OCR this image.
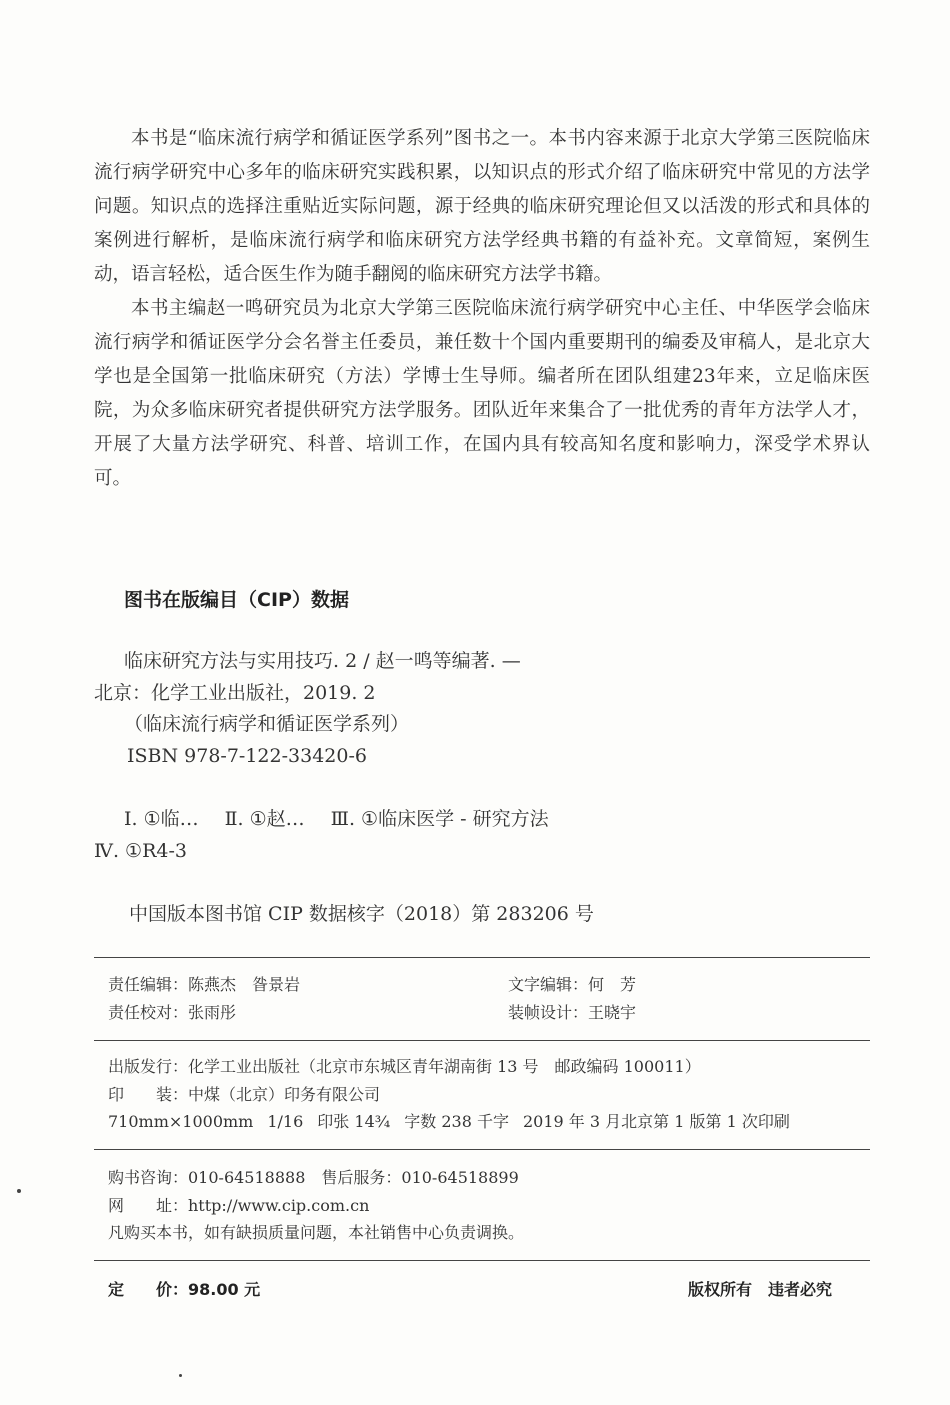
本书是“临床流行病学和循证医学系列”图书之一。本书内容来源于北京大学第三医院临床流行病学研究中心多年的临床研究实践积累，以知识点的形式介绍了临床研究中常见的方法学问题。知识点的选择注重贴近实际问题，源于经典的临床研究理论但又以活泼的形式和具体的案例进行解析，是临床流行病学和临床研究方法学经典书籍的有益补充。文章简短，案例生动，语言轻松，适合医生作为随手翻阅的临床研究方法学书籍。

本书主编赵一鸣研究员为北京大学第三医院临床流行病学研究中心主任、中华医学会临床流行病学和循证医学分会名誉主任委员，兼任数十个国内重要期刊的编委及审稿人，是北京大学也是全国第一批临床研究（方法）学博士生导师。编者所在团队组建23年来，立足临床医院，为众多临床研究者提供研究方法学服务。团队近年来集合了一批优秀的青年方法学人才，开展了大量方法学研究、科普、培训工作，在国内具有较高知名度和影响力，深受学术界认可。

图书在版编目（CIP）数据
临床研究方法与实用技巧. 2 / 赵一鸣等编著. —
北京：化学工业出版社，2019. 2
（临床流行病学和循证医学系列）
ISBN 978-7-122-33420-6
Ⅰ. ①临… Ⅱ. ①赵… Ⅲ. ①临床医学 - 研究方法
Ⅳ. ①R4-3
中国版本图书馆 CIP 数据核字（2018）第 283206 号
责任编辑：陈燕杰　昝景岩
责任校对：张雨彤
文字编辑：何　芳
装帧设计：王晓宇
出版发行：化学工业出版社（北京市东城区青年湖南街 13 号　邮政编码 100011）
印　　装：中煤（北京）印务有限公司
710mm×1000mm 1/16 印张 14¾ 字数 238 千字 2019 年 3 月北京第 1 版第 1 次印刷
购书咨询：010-64518888　售后服务：010-64518899
网　　址：http://www.cip.com.cn
凡购买本书，如有缺损质量问题，本社销售中心负责调换。
定　　价：98.00 元	版权所有　违者必究
